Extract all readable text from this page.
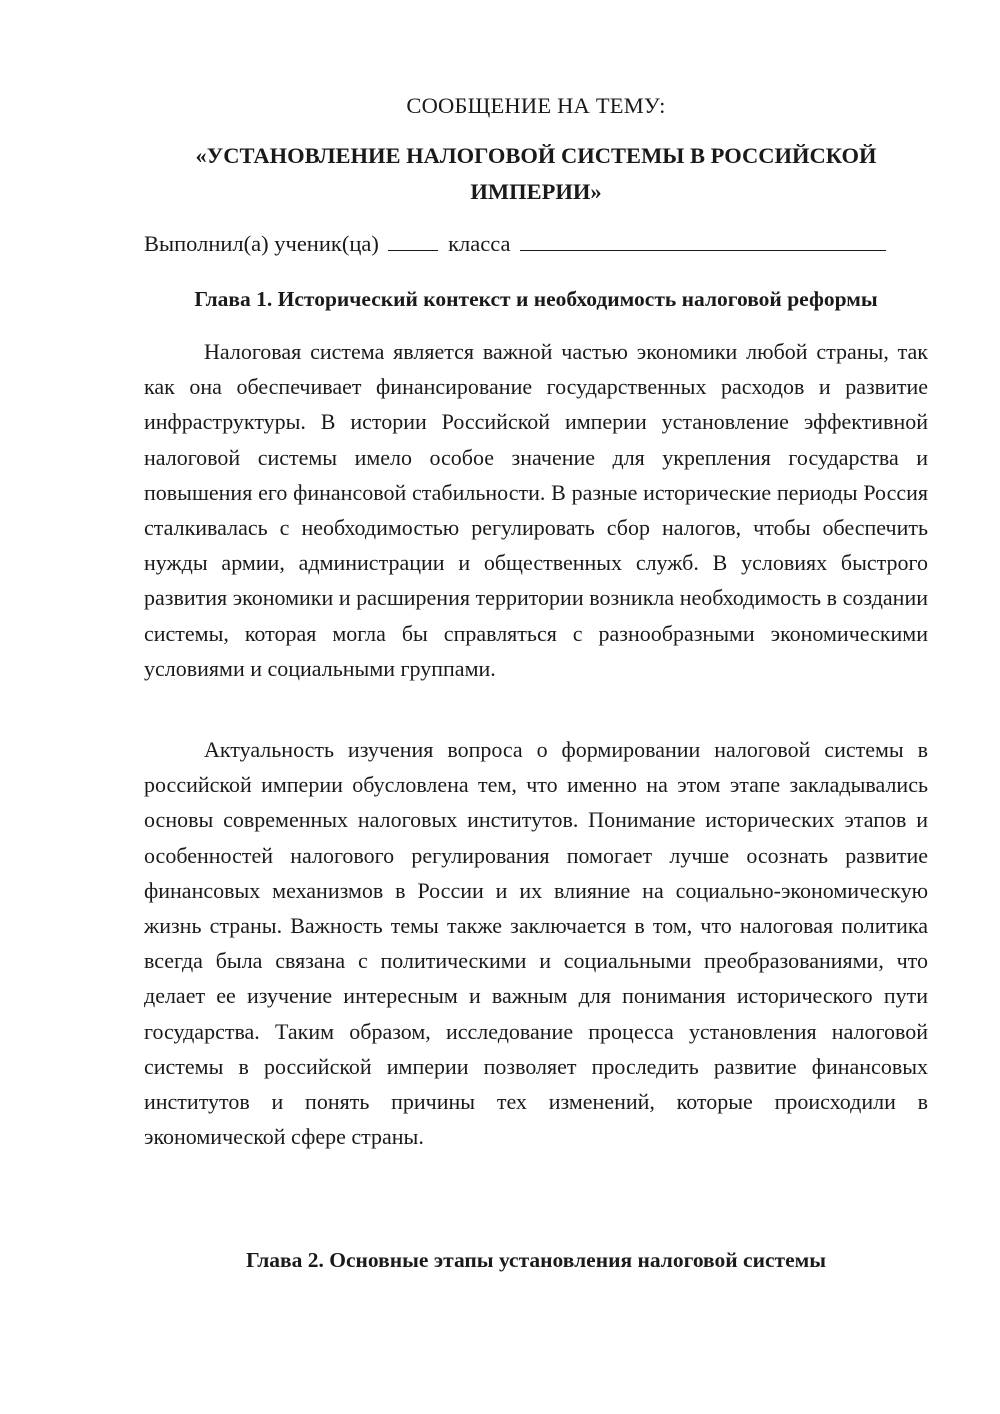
СООБЩЕНИЕ НА ТЕМУ:
«УСТАНОВЛЕНИЕ НАЛОГОВОЙ СИСТЕМЫ В РОССИЙСКОЙ ИМПЕРИИ»
Выполнил(а) ученик(ца)	класса
Глава 1. Исторический контекст и необходимость налоговой реформы

Налоговая система является важной частью экономики любой страны, так как она обеспечивает финансирование государственных расходов и развитие инфраструктуры. В истории Российской империи установление эффективной налоговой системы имело особое значение для укрепления государства и повышения его финансовой стабильности. В разные исторические периоды Россия сталкивалась с необходимостью регулировать сбор налогов, чтобы обеспечить нужды армии, администрации и общественных служб. В условиях быстрого развития экономики и расширения территории возникла необходимость в создании системы, которая могла бы справляться с разнообразными экономическими условиями и социальными группами.

Актуальность изучения вопроса о формировании налоговой системы в российской империи обусловлена тем, что именно на этом этапе закладывались основы современных налоговых институтов. Понимание исторических этапов и особенностей налогового регулирования помогает лучше осознать развитие финансовых механизмов в России и их влияние на социально-экономическую жизнь страны. Важность темы также заключается в том, что налоговая политика всегда была связана с политическими и социальными преобразованиями, что делает ее изучение интересным и важным для понимания исторического пути государства. Таким образом, исследование процесса установления налоговой системы в российской империи позволяет проследить развитие финансовых институтов и понять причины тех изменений, которые происходили в экономической сфере страны.

Глава 2. Основные этапы установления налоговой системы
